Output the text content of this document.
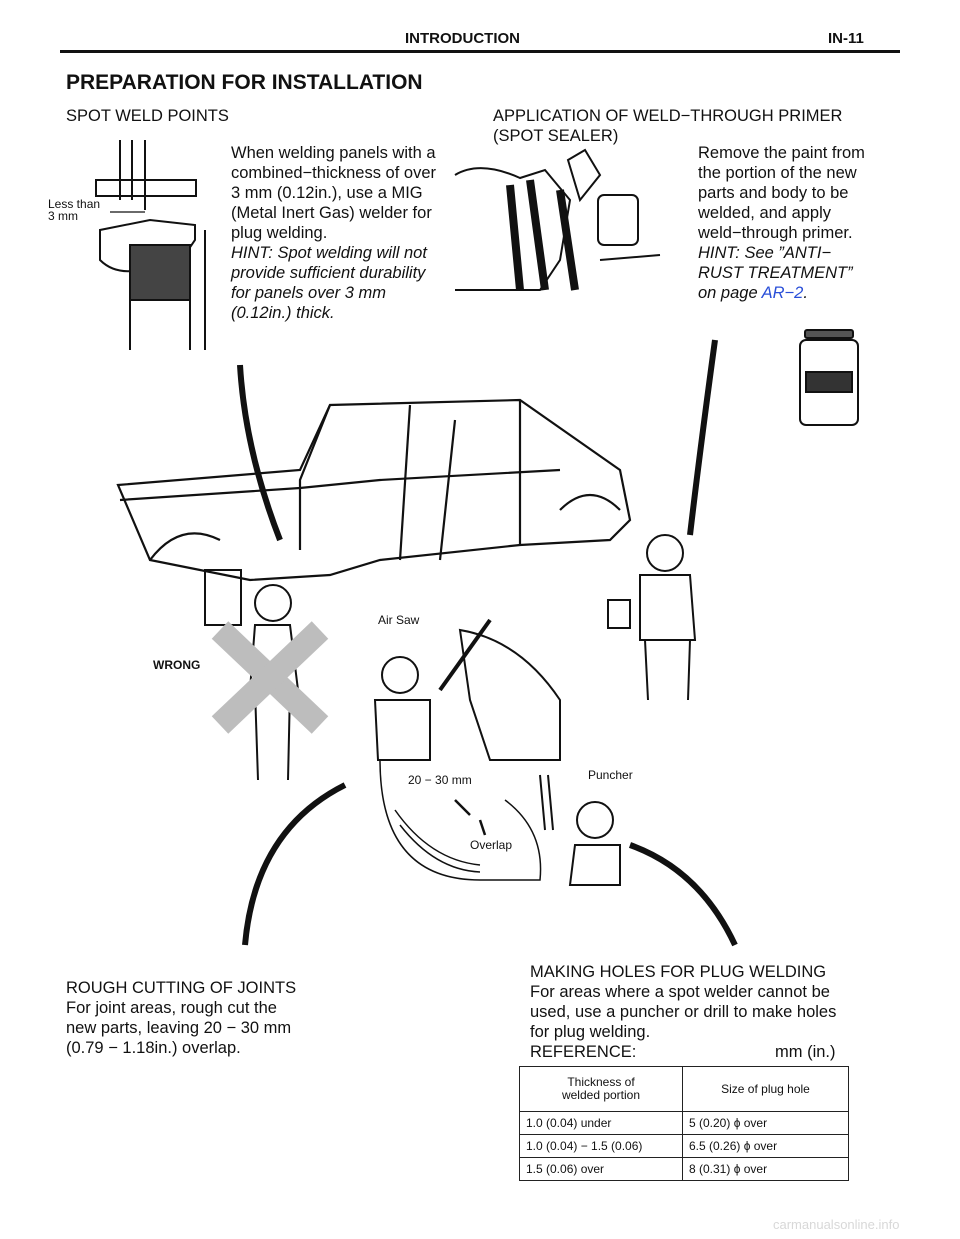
INTRODUCTION	IN-11
PREPARATION FOR INSTALLATION
SPOT WELD POINTS
When welding panels with a
combined−thickness of over
3 mm (0.12in.), use a MIG
(Metal Inert Gas) welder for
plug welding.
HINT: Spot welding will not
provide sufficient durability
for panels over 3 mm
(0.12in.) thick.
Less than
3 mm
APPLICATION OF WELD−THROUGH PRIMER
(SPOT SEALER)
Remove the paint from
the portion of the new
parts and body to be
welded, and apply
weld−through primer.
HINT: See ”ANTI−
RUST TREATMENT”
on page AR−2.
WRONG
Air Saw
Puncher
20 − 30 mm
Overlap
ROUGH CUTTING OF JOINTS
For joint areas, rough cut the
new parts, leaving 20 − 30 mm
(0.79 − 1.18in.) overlap.
MAKING HOLES FOR PLUG WELDING
For areas where a spot welder cannot be
used, use a puncher or drill to make holes
for plug welding.
REFERENCE:	mm (in.)
Thickness of
welded portion	Size of plug hole
1.0 (0.04) under	5 (0.20) ϕ over
1.0 (0.04) − 1.5 (0.06)	6.5 (0.26) ϕ over
1.5 (0.06) over	8 (0.31) ϕ over
carmanualsonline.info
